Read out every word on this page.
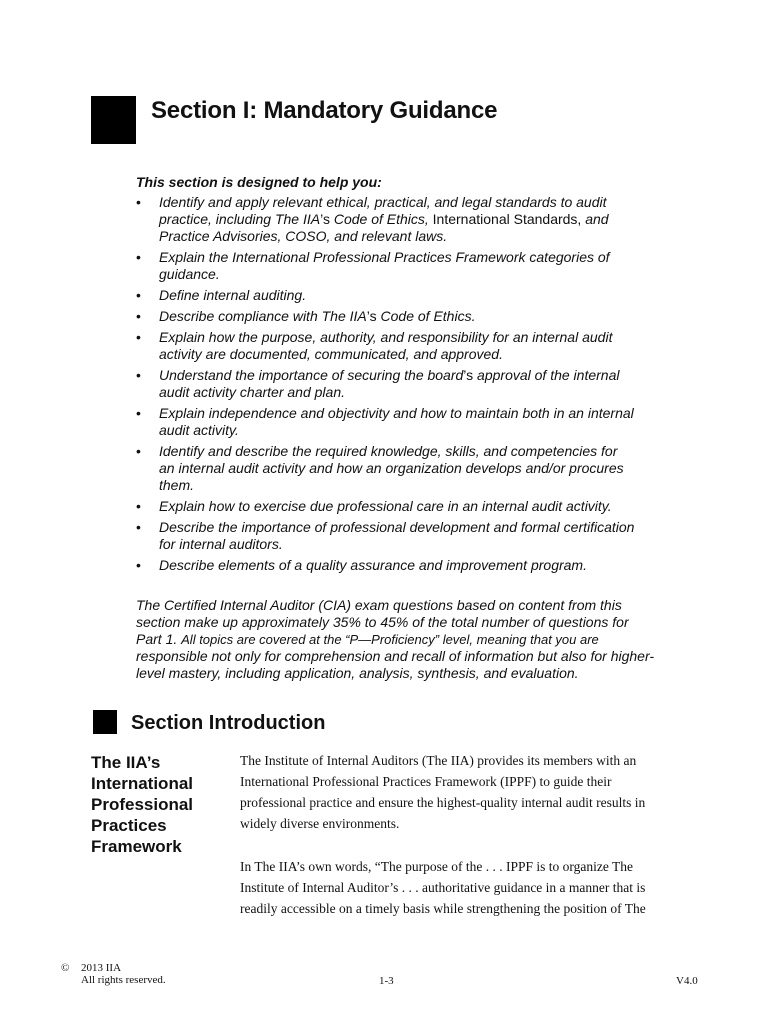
Section I: Mandatory Guidance
This section is designed to help you:
• Identify and apply relevant ethical, practical, and legal standards to audit practice, including The IIA’s Code of Ethics, International Standards, and Practice Advisories, COSO, and relevant laws.
• Explain the International Professional Practices Framework categories of guidance.
• Define internal auditing.
• Describe compliance with The IIA’s Code of Ethics.
• Explain how the purpose, authority, and responsibility for an internal audit activity are documented, communicated, and approved.
• Understand the importance of securing the board’s approval of the internal audit activity charter and plan.
• Explain independence and objectivity and how to maintain both in an internal audit activity.
• Identify and describe the required knowledge, skills, and competencies for an internal audit activity and how an organization develops and/or procures them.
• Explain how to exercise due professional care in an internal audit activity.
• Describe the importance of professional development and formal certification for internal auditors.
• Describe elements of a quality assurance and improvement program.

The Certified Internal Auditor (CIA) exam questions based on content from this section make up approximately 35% to 45% of the total number of questions for Part 1. All topics are covered at the “P—Proficiency” level, meaning that you are responsible not only for comprehension and recall of information but also for higher-level mastery, including application, analysis, synthesis, and evaluation.

Section Introduction
The IIA’s International Professional Practices Framework

The Institute of Internal Auditors (The IIA) provides its members with an International Professional Practices Framework (IPPF) to guide their professional practice and ensure the highest-quality internal audit results in widely diverse environments.

In The IIA’s own words, “The purpose of the . . . IPPF is to organize The Institute of Internal Auditor’s . . . authoritative guidance in a manner that is readily accessible on a timely basis while strengthening the position of The

© 2013 IIA
All rights reserved.	1-3	V4.0
